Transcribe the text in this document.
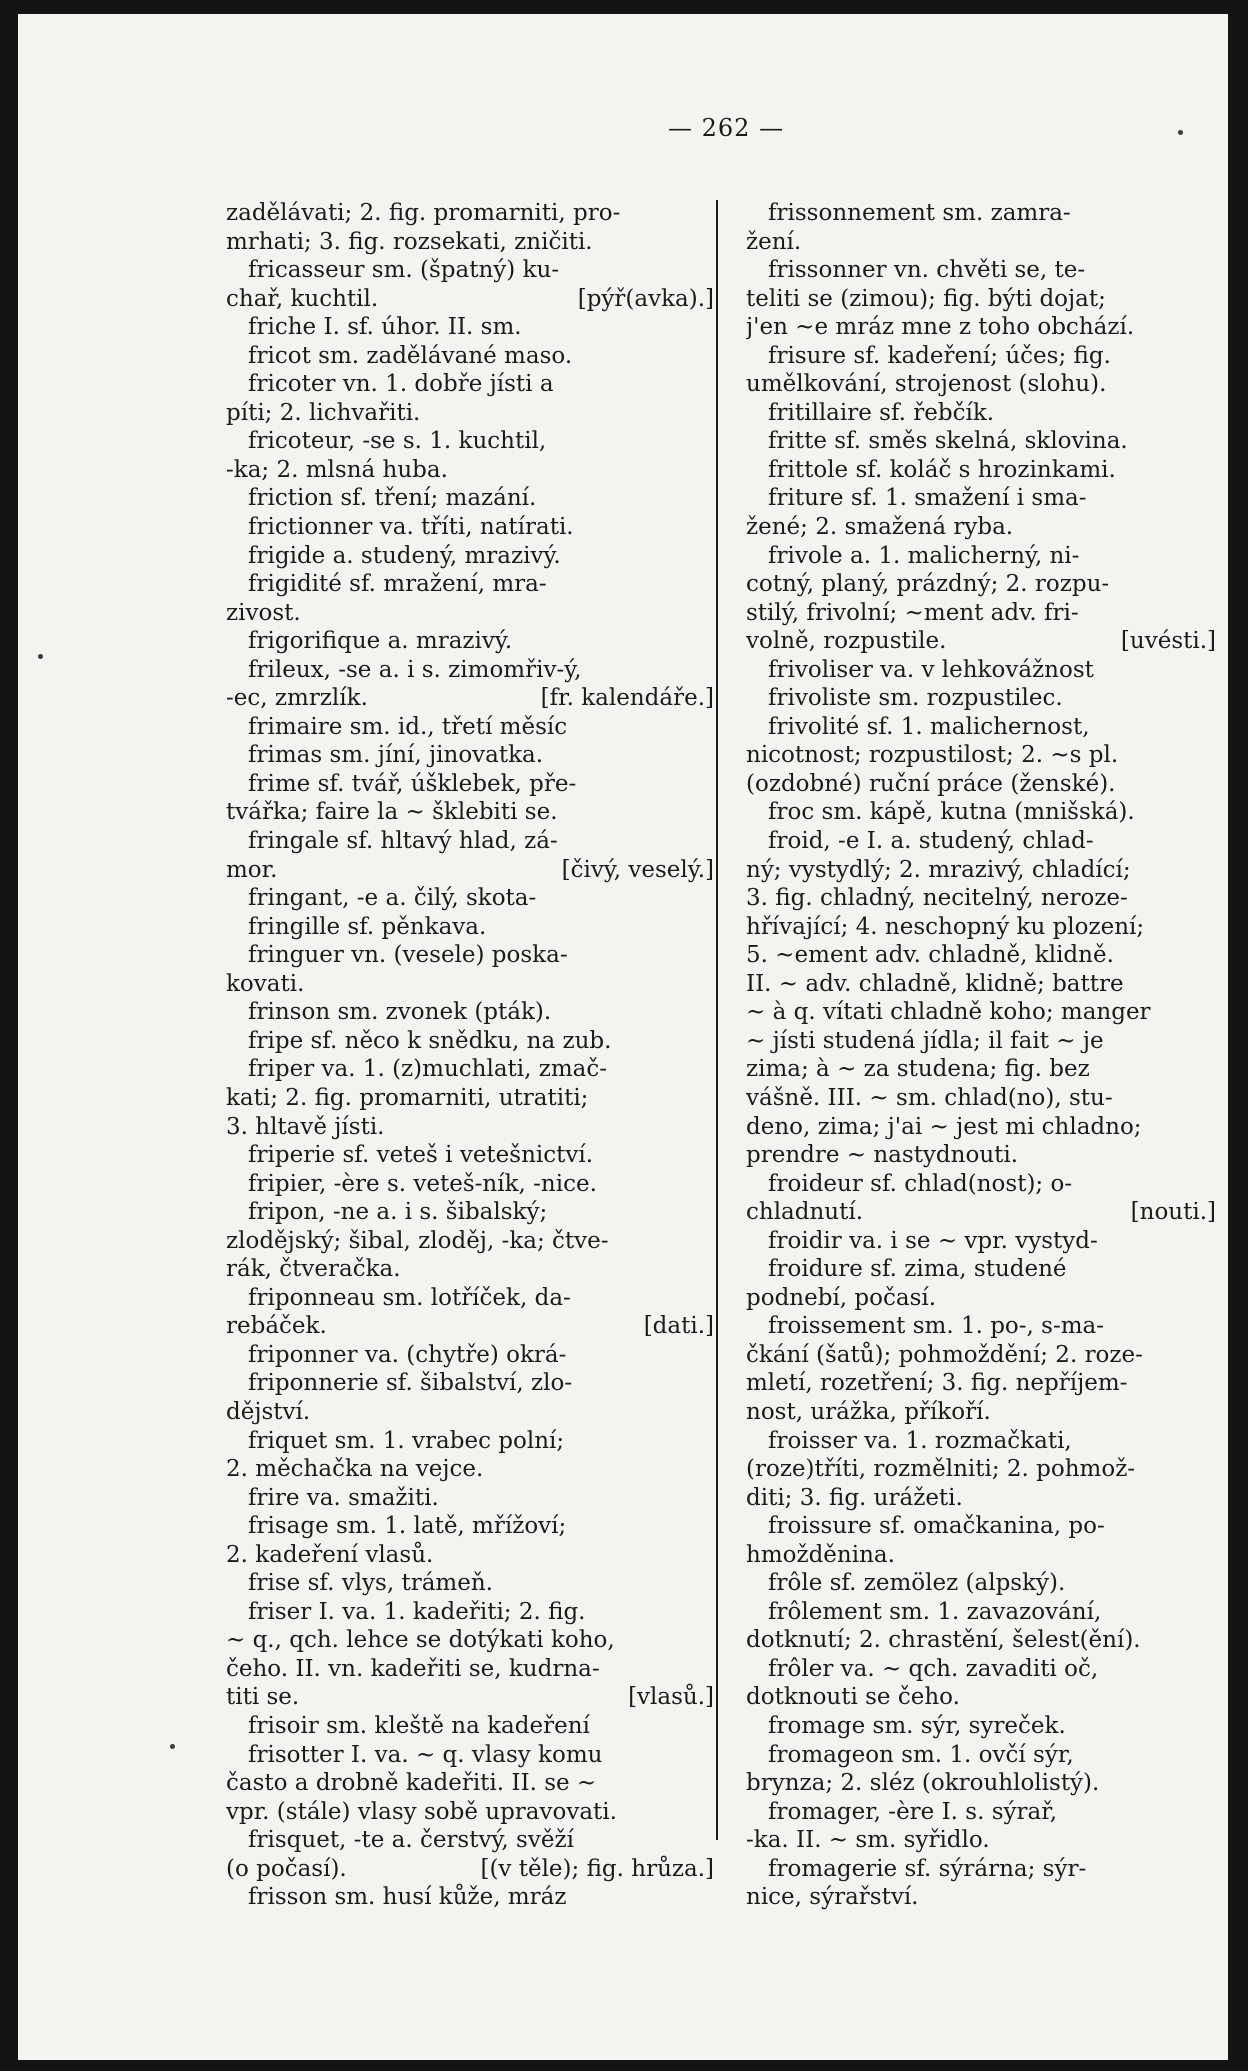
— 262 —
zadělávati; 2. fig. promarniti, pro-
mrhati; 3. fig. rozsekati, zničiti.
fricasseur sm. (špatný) ku-
[pýř(avka).]
chař, kuchtil.
friche I. sf. úhor. II. sm.
fricot sm. zadělávané maso.
fricoter vn. 1. dobře jísti a
píti; 2. lichvařiti.
fricoteur, -se s. 1. kuchtil,
-ka; 2. mlsná huba.
friction sf. tření; mazání.
frictionner va. tříti, natírati.
frigide a. studený, mrazivý.
frigidité sf. mražení, mra-
zivost.
frigorifique a. mrazivý.
frileux, -se a. i s. zimomřiv-ý,
[fr. kalendáře.]
-ec, zmrzlík.
frimaire sm. id., třetí měsíc
frimas sm. jíní, jinovatka.
frime sf. tvář, úšklebek, pře-
tvářka; faire la ~ šklebiti se.
fringale sf. hltavý hlad, zá-
[čivý, veselý.]
mor.
fringant, -e a. čilý, skota-
fringille sf. pěnkava.
fringuer vn. (vesele) poska-
kovati.
frinson sm. zvonek (pták).
fripe sf. něco k snědku, na zub.
friper va. 1. (z)muchlati, zmač-
kati; 2. fig. promarniti, utratiti;
3. hltavě jísti.
friperie sf. veteš i vetešnictví.
fripier, -ère s. veteš-ník, -nice.
fripon, -ne a. i s. šibalský;
zlodějský; šibal, zloděj, -ka; čtve-
rák, čtveračka.
friponneau sm. lotříček, da-
[dati.]
rebáček.
friponner va. (chytře) okrá-
friponnerie sf. šibalství, zlo-
dějství.
friquet sm. 1. vrabec polní;
2. měchačka na vejce.
frire va. smažiti.
frisage sm. 1. latě, mřížoví;
2. kadeření vlasů.
frise sf. vlys, trámeň.
friser I. va. 1. kadeřiti; 2. fig.
~ q., qch. lehce se dotýkati koho,
čeho. II. vn. kadeřiti se, kudrna-
[vlasů.]
titi se.
frisoir sm. kleště na kadeření
frisotter I. va. ~ q. vlasy komu
často a drobně kadeřiti. II. se ~
vpr. (stále) vlasy sobě upravovati.
frisquet, -te a. čerstvý, svěží
[(v těle); fig. hrůza.]
(o počasí).
frisson sm. husí kůže, mráz
frissonnement sm. zamra-
žení.
frissonner vn. chvěti se, te-
teliti se (zimou); fig. býti dojat;
j'en ~e mráz mne z toho obchází.
frisure sf. kadeření; účes; fig.
umělkování, strojenost (slohu).
fritillaire sf. řebčík.
fritte sf. směs skelná, sklovina.
frittole sf. koláč s hrozinkami.
friture sf. 1. smažení i sma-
žené; 2. smažená ryba.
frivole a. 1. malicherný, ni-
cotný, planý, prázdný; 2. rozpu-
stilý, frivolní; ~ment adv. fri-
[uvésti.]
volně, rozpustile.
frivoliser va. v lehkovážnost
frivoliste sm. rozpustilec.
frivolité sf. 1. malichernost,
nicotnost; rozpustilost; 2. ~s pl.
(ozdobné) ruční práce (ženské).
froc sm. kápě, kutna (mnišská).
froid, -e I. a. studený, chlad-
ný; vystydlý; 2. mrazivý, chladící;
3. fig. chladný, necitelný, neroze-
hřívající; 4. neschopný ku plození;
5. ~ement adv. chladně, klidně.
II. ~ adv. chladně, klidně; battre
~ à q. vítati chladně koho; manger
~ jísti studená jídla; il fait ~ je
zima; à ~ za studena; fig. bez
vášně. III. ~ sm. chlad(no), stu-
deno, zima; j'ai ~ jest mi chladno;
prendre ~ nastydnouti.
froideur sf. chlad(nost); o-
[nouti.]
chladnutí.
froidir va. i se ~ vpr. vystyd-
froidure sf. zima, studené
podnebí, počasí.
froissement sm. 1. po-, s-ma-
čkání (šatů); pohmoždění; 2. roze-
mletí, rozetření; 3. fig. nepříjem-
nost, urážka, příkoří.
froisser va. 1. rozmačkati,
(roze)tříti, rozmělniti; 2. pohmož-
diti; 3. fig. urážeti.
froissure sf. omačkanina, po-
hmožděnina.
frôle sf. zemölez (alpský).
frôlement sm. 1. zavazování,
dotknutí; 2. chrastění, šelest(ění).
frôler va. ~ qch. zavaditi oč,
dotknouti se čeho.
fromage sm. sýr, syreček.
fromageon sm. 1. ovčí sýr,
brynza; 2. sléz (okrouhlolistý).
fromager, -ère I. s. sýrař,
-ka. II. ~ sm. syřidlo.
fromagerie sf. sýrárna; sýr-
nice, sýrařství.
